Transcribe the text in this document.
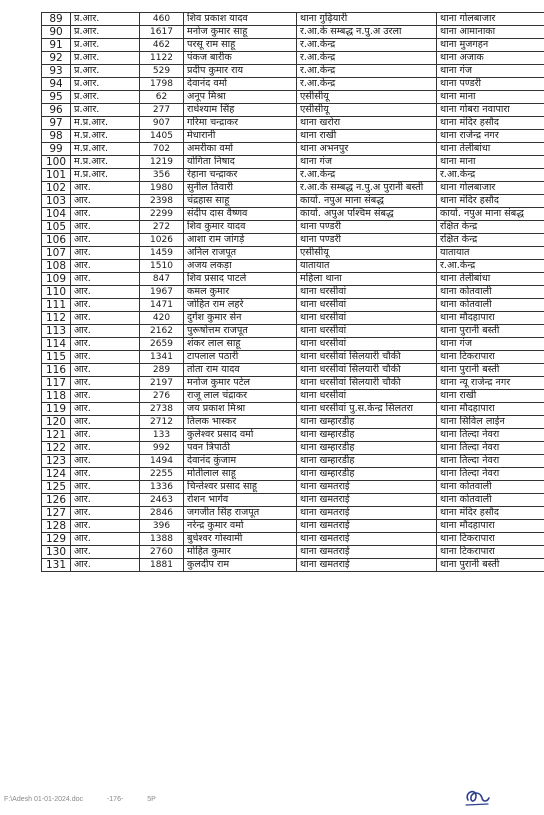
89	प्र.आर.	460	शिव प्रकाश यादव	थाना गुढ़ियारी	थाना गोलबाजार
90	प्र.आर.	1617	मनोज कुमार साहू	र.आ.के सम्बद्ध न.पु.अ उरला	थाना आमानाका
91	प्र.आर.	462	परसू राम साहू	र.आ.केन्द्र	थाना मुजगहन
92	प्र.आर.	1122	पंकज बारीक	र.आ.केन्द्र	थाना अजाक
93	प्र.आर.	529	प्रदीप कुमार राय	र.आ.केन्द्र	थाना गंज
94	प्र.आर.	1798	देवानंद वर्मा	र.आ.केन्द्र	थाना पण्डरी
95	प्र.आर.	62	अनूप मिश्रा	एसीसीयू	थाना माना
96	प्र.आर.	277	राधेश्याम सिंह	एसीसीयू	थाना गोबरा नवापारा
97	म.प्र.आर.	907	गरिमा चन्द्राकर	थाना खरोरा	थाना मंदिर हसौद
98	म.प्र.आर.	1405	मेधारानी	थाना राखी	थाना राजेन्द्र नगर
99	म.प्र.आर.	702	अमरीका वर्मा	थाना अभनपुर	थाना तेलीबांधा
100	म.प्र.आर.	1219	योगिता निषाद	थाना गंज	थाना माना
101	म.प्र.आर.	356	रेहाना चन्द्राकर	र.आ.केन्द्र	र.आ.केन्द्र
102	आर.	1980	सुनील तिवारी	र.आ.के सम्बद्ध न.पु.अ पुरानी बस्ती	थाना गोलबाजार
103	आर.	2398	चंद्रहास साहू	कार्या. नपुअ माना संबद्ध	थाना मंदिर हसौद
104	आर.	2299	संदीप दास वैष्णव	कार्या. अपुअ पश्चिम संबद्ध	कार्या. नपुअ माना संबद्ध
105	आर.	272	शिव कुमार यादव	थाना पण्डरी	रक्षित केन्द्र
106	आर.	1026	आशा राम जांगड़े	थाना पण्डरी	रक्षित केन्द्र
107	आर.	1459	अनिल राजपूत	एसीसीयू	यातायात
108	आर.	1510	अजय लकड़ा	यातायात	र.आ.केन्द्र
109	आर.	847	शिव प्रसाद पाटले	महिला थाना	थाना तेलीबांधा
110	आर.	1967	कमल कुमार	थाना धरसीवां	थाना कोतवाली
111	आर.	1471	जोहित राम लहरे	थाना धरसीवां	थाना कोतवाली
112	आर.	420	दुर्गेश कुमार सेन	थाना धरसीवां	थाना मौदहापारा
113	आर.	2162	पुरूषोत्तम राजपूत	थाना धरसीवां	थाना पुरानी बस्ती
114	आर.	2659	शंकर लाल साहू	थाना धरसीवां	थाना गंज
115	आर.	1341	टापलाल पठारी	थाना धरसीवां सिलयारी चौकी	थाना टिकरापारा
116	आर.	289	तोता राम यादव	थाना धरसीवां सिलयारी चौकी	थाना पुरानी बस्ती
117	आर.	2197	मनोज कुमार पटेल	थाना धरसीवां सिलयारी चौकी	थाना न्यू राजेन्द्र नगर
118	आर.	276	राजू लाल चंद्राकर	थाना धरसीवां	थाना राखी
119	आर.	2738	जय प्रकाश मिश्रा	थाना धरसीवां पु.स.केन्द्र सिलतरा	थाना मौदहापारा
120	आर.	2712	तिलक भास्कर	थाना खम्हारडीह	थाना सिविल लाईन
121	आर.	133	कुलेश्वर प्रसाद वर्मा	थाना खम्हारडीह	थाना तिल्दा नेवरा
122	आर.	992	पवन त्रिपाठी	थाना खम्हारडीह	थाना तिल्दा नेवरा
123	आर.	1494	देवानंद कुंजाम	थाना खम्हारडीह	थाना तिल्दा नेवरा
124	आर.	2255	मोतीलाल साहू	थाना खम्हारडीह	थाना तिल्दा नेवरा
125	आर.	1336	चिन्तेश्वर प्रसाद साहू	थाना खमतराई	थाना कोतवाली
126	आर.	2463	रोशन भार्गव	थाना खमतराई	थाना कोतवाली
127	आर.	2846	जगजीत सिंह राजपूत	थाना खमतराई	थाना मंदिर हसौद
128	आर.	396	नरेन्द्र कुमार वर्मा	थाना खमतराई	थाना मौदहापारा
129	आर.	1388	बुधेश्वर गोस्वामी	थाना खमतराई	थाना टिकरापारा
130	आर.	2760	मोहित कुमार	थाना खमतराई	थाना टिकरापारा
131	आर.	1881	कुलदीप राम	थाना खमतराई	थाना पुरानी बस्ती
F:\Adesh 01-01-2024.doc	-176-	5P
